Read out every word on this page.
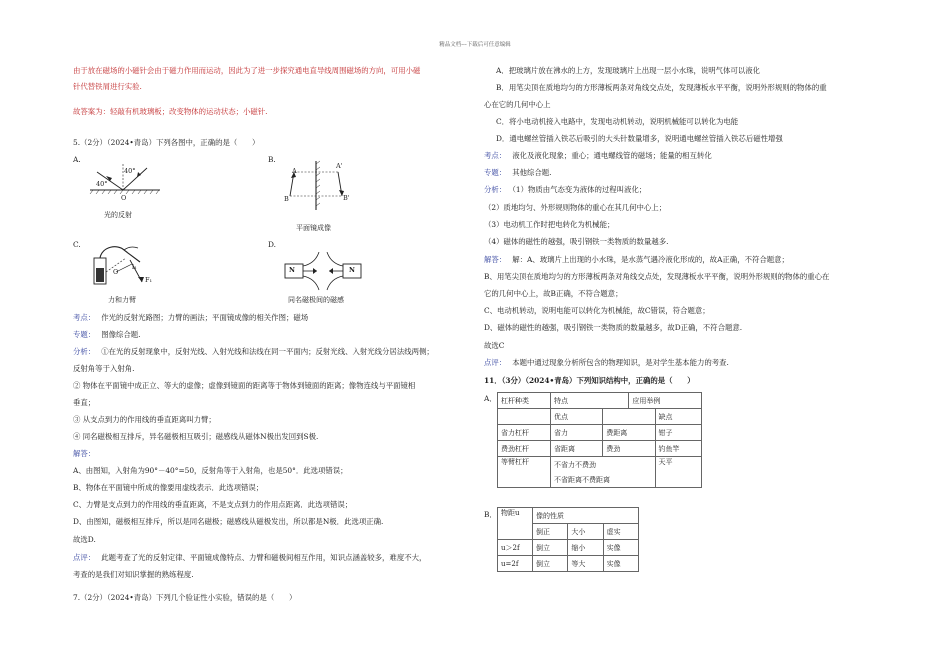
精品文档---下载后可任意编辑
由于放在磁场的小磁针会由于磁力作用而运动，因此为了进一步探究通电直导线周围磁场的方向，可用小磁
针代替铁屑进行实验.
故答案为：轻敲有机玻璃板；改变物体的运动状态；小磁针.
5.（2分）（2024•青岛）下列各图中，正确的是（　　）
A.	B.
C.	D.
40°
40°
O
光的反射
A
A'
B	B'
平面镜成像
O
l₁
F₁
力和力臂
N	N
同名磁极间的磁感
考点： 作光的反射光路图；力臂的画法；平面镜成像的相关作图；磁场
专题： 图像综合题.
分析： ①在光的反射现象中，反射光线、入射光线和法线在同一平面内；反射光线、入射光线分居法线两侧；
反射角等于入射角.
② 物体在平面镜中成正立、等大的虚像；虚像到镜面的距离等于物体到镜面的距离；像物连线与平面镜相
垂直；
③ 从支点到力的作用线的垂直距离叫力臂；
④ 同名磁极相互排斥，异名磁极相互吸引；磁感线从磁体N极出发回到S极.
解答：
A、由图知，入射角为90°－40°=50，反射角等于入射角，也是50°．此选项错误；
B、物体在平面镜中所成的像要用虚线表示．此选项错误；
C、力臂是支点到力的作用线的垂直距离，不是支点到力的作用点距离．此选项错误；
D、由图知，磁极相互排斥，所以是同名磁极；磁感线从磁极发出，所以都是N极．此选项正确.
故选D.
点评： 此题考查了光的反射定律、平面镜成像特点、力臂和磁极间相互作用，知识点涵盖较多，难度不大，
考查的是我们对知识掌握的熟练程度.
7.（2分）（2024•青岛）下列几个验证性小实验，错误的是（　　）
A．把玻璃片放在沸水的上方，发现玻璃片上出现一层小水珠，说明气体可以液化
B．用笔尖顶在质地均匀的方形薄板两条对角线交点处，发现薄板水平平衡，说明外形规则的物体的重
心在它的几何中心上
C．将小电动机接入电路中，发现电动机转动，说明机械能可以转化为电能
D．通电螺丝管插入铁芯后吸引的大头针数量增多，说明通电螺丝管插入铁芯后磁性增强
考点： 液化及液化现象；重心；通电螺线管的磁场；能量的相互转化
专题： 其他综合题.
分析： （1）物质由气态变为液体的过程叫液化；
（2）质地均匀、外形规则物体的重心在其几何中心上；
（3）电动机工作时把电转化为机械能；
（4）磁体的磁性的越强，吸引钢铁一类物质的数量越多.
解答： 解：A、玻璃片上出现的小水珠，是水蒸气遇冷液化形成的，故A正确，不符合题意；
B、用笔尖顶在质地均匀的方形薄板两条对角线交点处，发现薄板水平平衡，说明外形规则的物体的重心在
它的几何中心上，故B正确，不符合题意；
C、电动机转动，说明电能可以转化为机械能，故C错误，符合题意；
D、磁体的磁性的越强，吸引钢铁一类物质的数量越多，故D正确，不符合题意.
故选C
点评： 本题中通过现象分析所包含的物理知识，是对学生基本能力的考查.
11．（3分）（2024•青岛）下列知识结构中，正确的是（　　）
A． 杠杆种类	特点		应用举例	
	优点			缺点
省力杠杆	省力	费距离		钳子
费劲杠杆	省距离	费劲		钓鱼竿
等臂杠杆	不省力不费劲			天平
	不省距离不费距离			
B． 物距u	像的性质		
	倒正	大小	虚实
u＞2f	倒立	缩小	实像
u=2f	倒立	等大	实像
